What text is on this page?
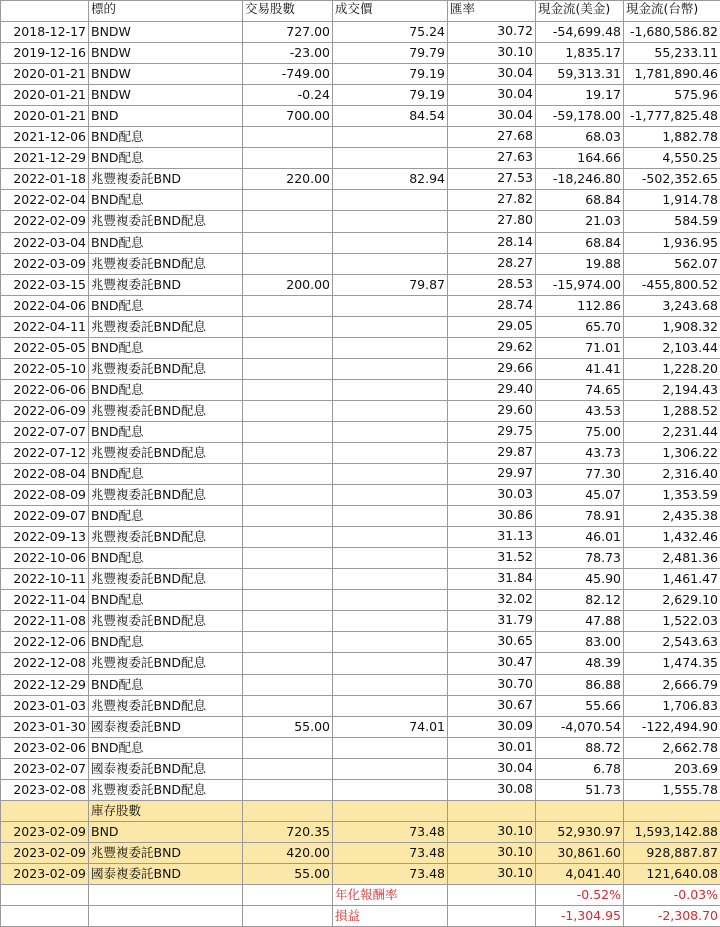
	標的	交易股數	成交價	匯率	現金流(美金)	現金流(台幣)
2018-12-17	BNDW	727.00	75.24	30.72	-54,699.48	-1,680,586.82
2019-12-16	BNDW	-23.00	79.79	30.10	1,835.17	55,233.11
2020-01-21	BNDW	-749.00	79.19	30.04	59,313.31	1,781,890.46
2020-01-21	BNDW	-0.24	79.19	30.04	19.17	575.96
2020-01-21	BND	700.00	84.54	30.04	-59,178.00	-1,777,825.48
2021-12-06	BND配息			27.68	68.03	1,882.78
2021-12-29	BND配息			27.63	164.66	4,550.25
2022-01-18	兆豐複委託BND	220.00	82.94	27.53	-18,246.80	-502,352.65
2022-02-04	BND配息			27.82	68.84	1,914.78
2022-02-09	兆豐複委託BND配息			27.80	21.03	584.59
2022-03-04	BND配息			28.14	68.84	1,936.95
2022-03-09	兆豐複委託BND配息			28.27	19.88	562.07
2022-03-15	兆豐複委託BND	200.00	79.87	28.53	-15,974.00	-455,800.52
2022-04-06	BND配息			28.74	112.86	3,243.68
2022-04-11	兆豐複委託BND配息			29.05	65.70	1,908.32
2022-05-05	BND配息			29.62	71.01	2,103.44
2022-05-10	兆豐複委託BND配息			29.66	41.41	1,228.20
2022-06-06	BND配息			29.40	74.65	2,194.43
2022-06-09	兆豐複委託BND配息			29.60	43.53	1,288.52
2022-07-07	BND配息			29.75	75.00	2,231.44
2022-07-12	兆豐複委託BND配息			29.87	43.73	1,306.22
2022-08-04	BND配息			29.97	77.30	2,316.40
2022-08-09	兆豐複委託BND配息			30.03	45.07	1,353.59
2022-09-07	BND配息			30.86	78.91	2,435.38
2022-09-13	兆豐複委託BND配息			31.13	46.01	1,432.46
2022-10-06	BND配息			31.52	78.73	2,481.36
2022-10-11	兆豐複委託BND配息			31.84	45.90	1,461.47
2022-11-04	BND配息			32.02	82.12	2,629.10
2022-11-08	兆豐複委託BND配息			31.79	47.88	1,522.03
2022-12-06	BND配息			30.65	83.00	2,543.63
2022-12-08	兆豐複委託BND配息			30.47	48.39	1,474.35
2022-12-29	BND配息			30.70	86.88	2,666.79
2023-01-03	兆豐複委託BND配息			30.67	55.66	1,706.83
2023-01-30	國泰複委託BND	55.00	74.01	30.09	-4,070.54	-122,494.90
2023-02-06	BND配息			30.01	88.72	2,662.78
2023-02-07	國泰複委託BND配息			30.04	6.78	203.69
2023-02-08	兆豐複委託BND配息			30.08	51.73	1,555.78
	庫存股數					
2023-02-09	BND	720.35	73.48	30.10	52,930.97	1,593,142.88
2023-02-09	兆豐複委託BND	420.00	73.48	30.10	30,861.60	928,887.87
2023-02-09	國泰複委託BND	55.00	73.48	30.10	4,041.40	121,640.08
			年化報酬率		-0.52%	-0.03%
			損益		-1,304.95	-2,308.70
